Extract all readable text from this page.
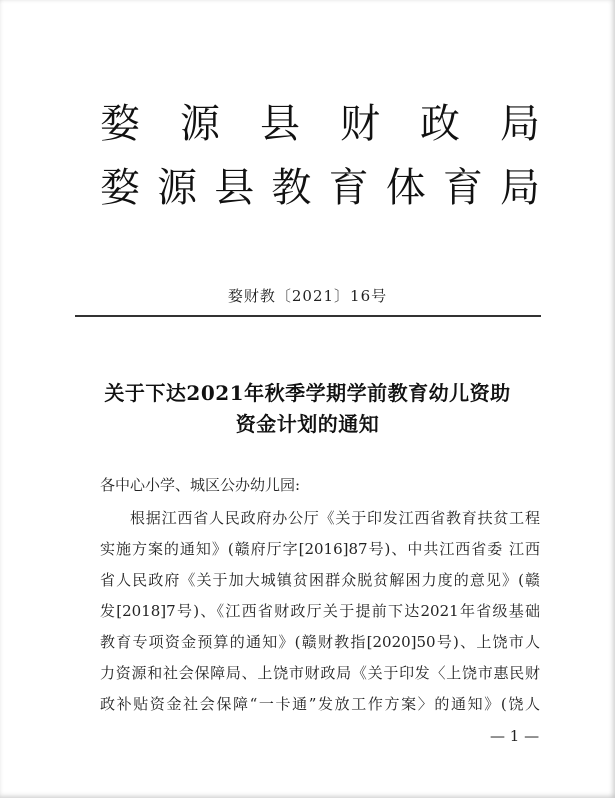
婺 源 县 财 政 局
婺 源 县 教 育 体 育 局
婺财教〔2021〕16号
关于下达2021年秋季学期学前教育幼儿资助
资金计划的通知
各中心小学、城区公办幼儿园:
根据江西省人民政府办公厅《关于印发江西省教育扶贫工程
实施方案的通知》(赣府厅字[2016]87号)、中共江西省委 江西
省人民政府《关于加大城镇贫困群众脱贫解困力度的意见》(赣
发[2018]7号)、《江西省财政厅关于提前下达2021年省级基础
教育专项资金预算的通知》(赣财教指[2020]50号)、上饶市人
力资源和社会保障局、上饶市财政局《关于印发〈上饶市惠民财
政补贴资金社会保障“一卡通”发放工作方案〉的通知》(饶人
— 1 —
